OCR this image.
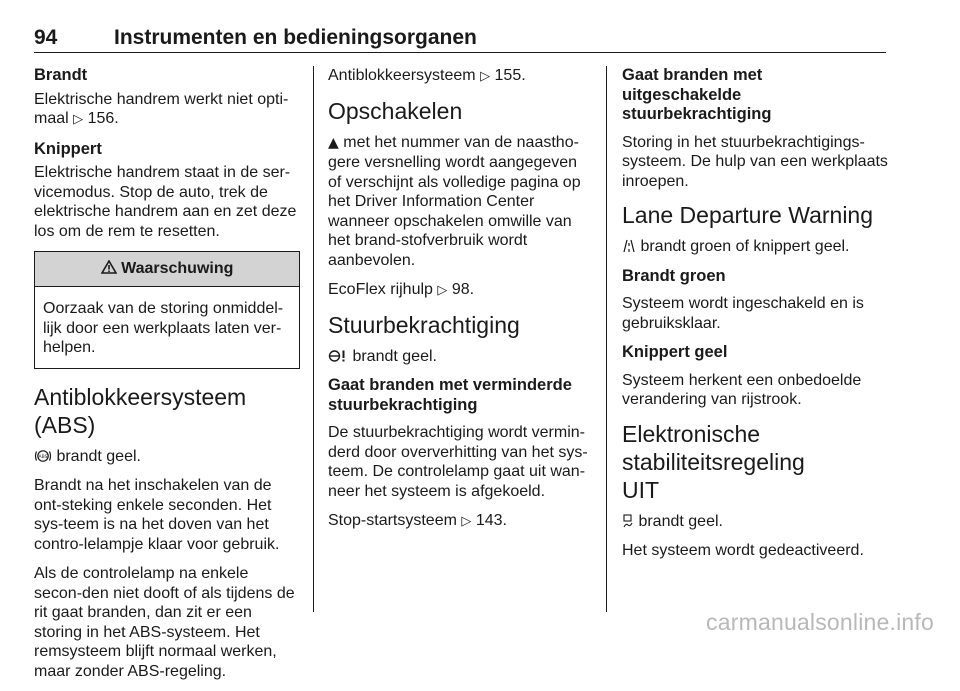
94	Instrumenten en bedieningsorganen
Brandt

Elektrische handrem werkt niet opti-maal ▷ 156.

Knippert

Elektrische handrem staat in de ser-vicemodus. Stop de auto, trek de elektrische handrem aan en zet deze los om de rem te resetten.

Waarschuwing
Oorzaak van de storing onmiddel-lijk door een werkplaats laten ver-helpen.
Antiblokkeersysteem (ABS)

ABS brandt geel.

Brandt na het inschakelen van de ont-steking enkele seconden. Het sys-teem is na het doven van het contro-lelampje klaar voor gebruik.

Als de controlelamp na enkele secon-den niet dooft of als tijdens de rit gaat branden, dan zit er een storing in het ABS-systeem. Het remsysteem blijft normaal werken, maar zonder ABS-regeling.

Antiblokkeersysteem ▷ 155.

Opschakelen

▲ met het nummer van de naastho-gere versnelling wordt aangegeven of verschijnt als volledige pagina op het Driver Information Center wanneer opschakelen omwille van het brand-stofverbruik wordt aanbevolen.

EcoFlex rijhulp ▷ 98.

Stuurbekrachtiging

brandt geel.

Gaat branden met verminderde stuurbekrachtiging

De stuurbekrachtiging wordt vermin-derd door oververhitting van het sys-teem. De controlelamp gaat uit wan-neer het systeem is afgekoeld.

Stop-startsysteem ▷ 143.

Gaat branden met uitgeschakelde stuurbekrachtiging

Storing in het stuurbekrachtigings-systeem. De hulp van een werkplaats inroepen.

Lane Departure Warning

brandt groen of knippert geel.

Brandt groen

Systeem wordt ingeschakeld en is gebruiksklaar.

Knippert geel

Systeem herkent een onbedoelde verandering van rijstrook.

Elektronische stabiliteitsregeling UIT

brandt geel.

Het systeem wordt gedeactiveerd.

carmanualsonline.info
